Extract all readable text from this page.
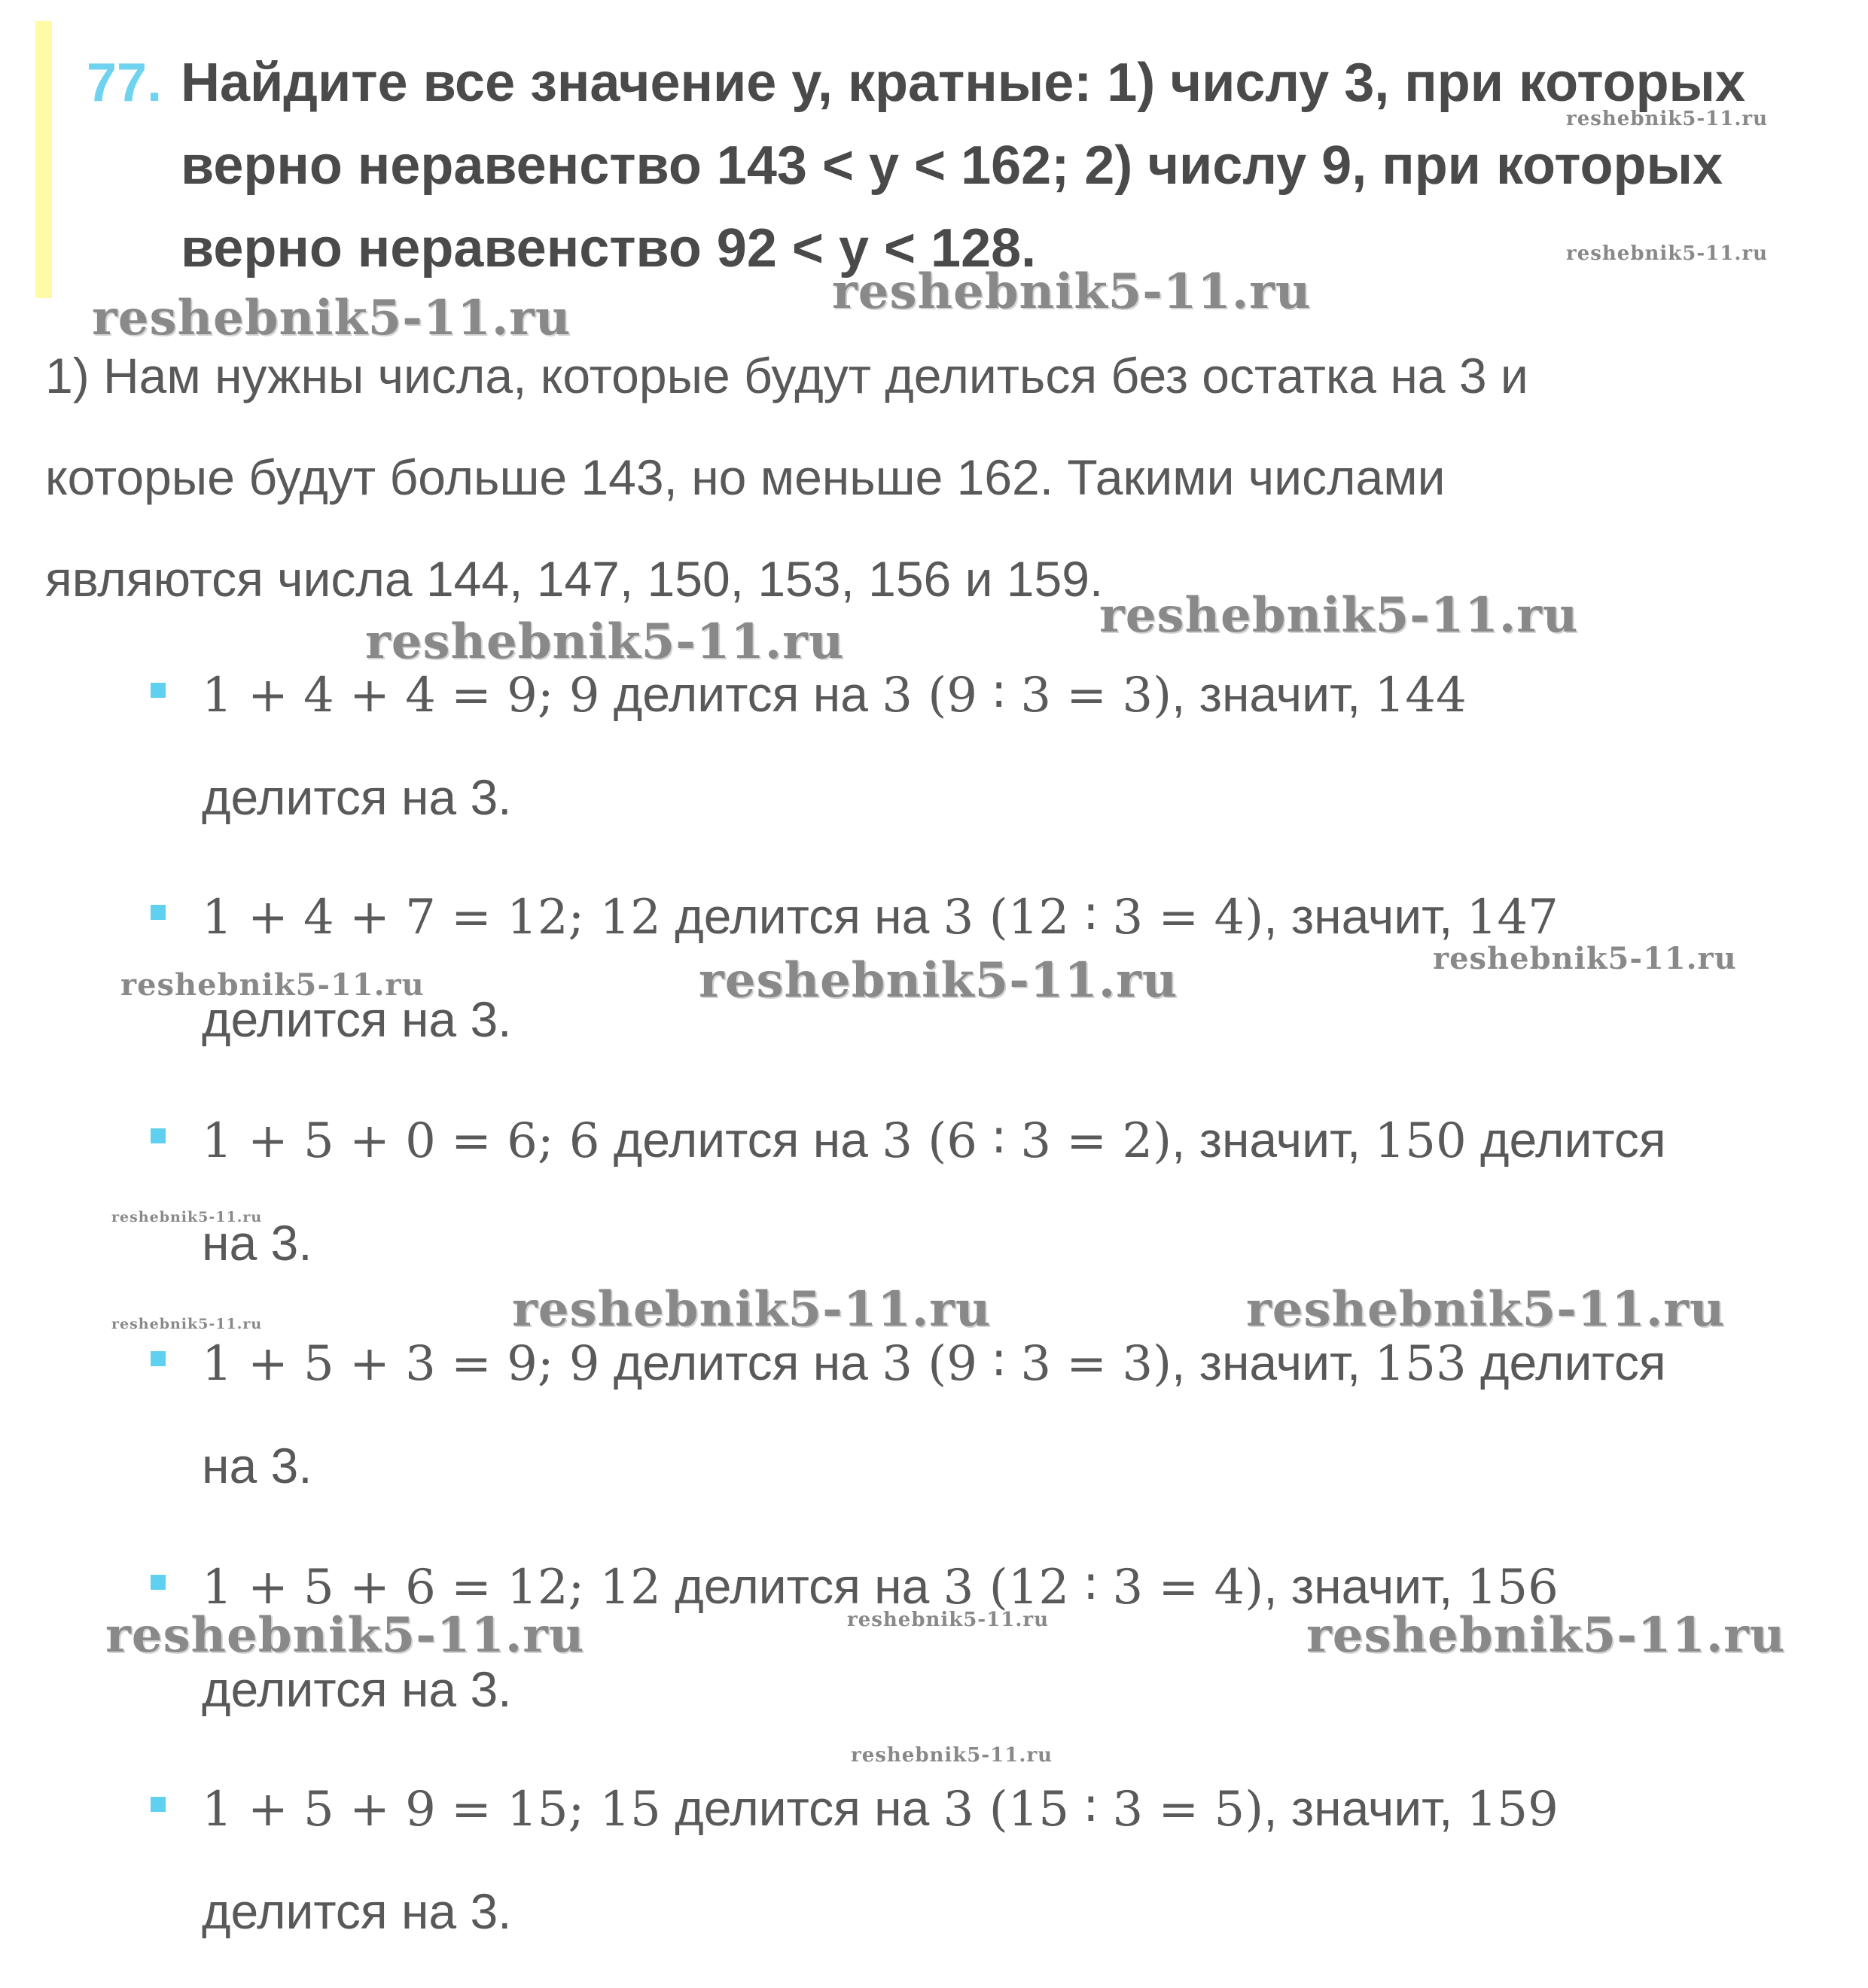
77. Найдите все значение у, кратные: 1) числу 3, при которых
верно неравенство 143 < у < 162; 2) числу 9, при которых
верно неравенство 92 < у < 128.
1) Нам нужны числа, которые будут делиться без остатка на 3 и
которые будут больше 143, но меньше 162. Такими числами
являются числа 144, 147, 150, 153, 156 и 159.
1 + 4 + 4 = 9; 9 делится на 3 (9 ∶ 3 = 3), значит, 144
делится на 3.
1 + 4 + 7 = 12; 12 делится на 3 (12 ∶ 3 = 4), значит, 147
делится на 3.
1 + 5 + 0 = 6; 6 делится на 3 (6 ∶ 3 = 2), значит, 150 делится
на 3.
1 + 5 + 3 = 9; 9 делится на 3 (9 ∶ 3 = 3), значит, 153 делится
на 3.
1 + 5 + 6 = 12; 12 делится на 3 (12 ∶ 3 = 4), значит, 156
делится на 3.
1 + 5 + 9 = 15; 15 делится на 3 (15 ∶ 3 = 5), значит, 159
делится на 3.
reshebnik5-11.ru	reshebnik5-11.ru
reshebnik5-11.ru
reshebnik5-11.ru
reshebnik5-11.ru	reshebnik5-11.ru
reshebnik5-11.ru	reshebnik5-11.ru	reshebnik5-11.ru
reshebnik5-11.ru
reshebnik5-11.ru	reshebnik5-11.ru	reshebnik5-11.ru
reshebnik5-11.ru	reshebnik5-11.ru	reshebnik5-11.ru
reshebnik5-11.ru
